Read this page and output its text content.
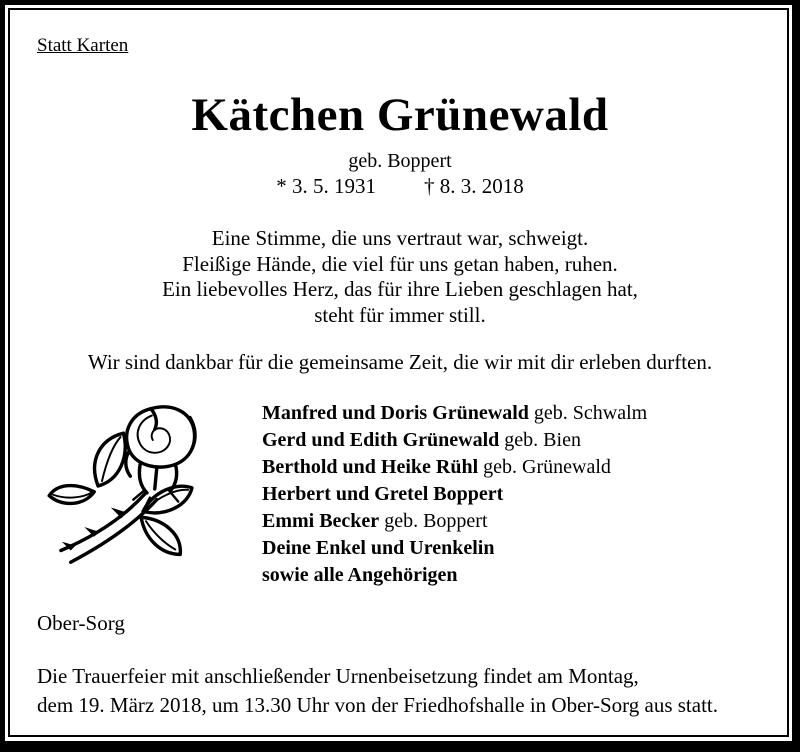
Statt Karten
Kätchen Grünewald
geb. Boppert
* 3. 5. 1931 † 8. 3. 2018
Eine Stimme, die uns vertraut war, schweigt.
Fleißige Hände, die viel für uns getan haben, ruhen.
Ein liebevolles Herz, das für ihre Lieben geschlagen hat,
steht für immer still.
Wir sind dankbar für die gemeinsame Zeit, die wir mit dir erleben durften.
Manfred und Doris Grünewald geb. Schwalm
Gerd und Edith Grünewald geb. Bien
Berthold und Heike Rühl geb. Grünewald
Herbert und Gretel Boppert
Emmi Becker geb. Boppert
Deine Enkel und Urenkelin
sowie alle Angehörigen
Ober-Sorg
Die Trauerfeier mit anschließender Urnenbeisetzung findet am Montag,
dem 19. März 2018, um 13.30 Uhr von der Friedhofshalle in Ober-Sorg aus statt.
